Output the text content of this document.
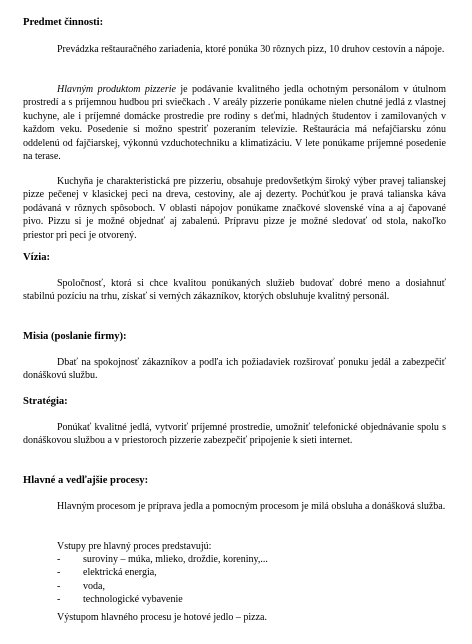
Predmet činnosti:

Prevádzka reštauračného zariadenia, ktoré ponúka 30 rôznych pizz, 10 druhov cestovín a nápoje.

Hlavným produktom pizzerie je podávanie kvalitného jedla ochotným personálom v útulnom prostredí a s príjemnou hudbou pri sviečkach . V areály pizzerie ponúkame nielen chutné jedlá z vlastnej kuchyne, ale i príjemné domácke prostredie pre rodiny s deťmi, hladných študentov i zamilovaných v každom veku. Posedenie si možno spestriť pozeraním televízie. Reštaurácia má nefajčiarsku zónu oddelenú od fajčiarskej, výkonnú vzduchotechniku a klimatizáciu. V lete ponúkame príjemné posedenie na terase.

Kuchyňa je charakteristická pre pizzeriu, obsahuje predovšetkým široký výber pravej talianskej pizze pečenej v klasickej peci na dreva, cestoviny, ale aj dezerty. Pochúťkou je pravá talianska káva podávaná v rôznych spôsoboch. V oblasti nápojov ponúkame značkové slovenské vína a aj čapované pivo. Pizzu si je možné objednať aj zabalenú. Prípravu pizze je možné sledovať od stola, nakoľko priestor pri peci je otvorený.

Vízia:

Spoločnosť, ktorá si chce kvalitou ponúkaných služieb budovať dobré meno a dosiahnuť stabilnú pozíciu na trhu, získať si verných zákazníkov, ktorých obsluhuje kvalitný personál.

Misia (poslanie firmy):

Dbať na spokojnosť zákazníkov a podľa ich požiadaviek rozširovať ponuku jedál a zabezpečiť donáškovú službu.

Stratégia:

Ponúkať kvalitné jedlá, vytvoriť príjemné prostredie, umožniť telefonické objednávanie spolu s donáškovou službou a v priestoroch pizzerie zabezpečiť pripojenie k sieti internet.

Hlavné a vedľajšie procesy:

Hlavným procesom je príprava jedla a pomocným procesom je milá obsluha a donášková služba.

Vstupy pre hlavný proces predstavujú:

- suroviny – múka, mlieko, droždie, koreniny,...
- elektrická energia,
- voda,
- technologické vybavenie

Výstupom hlavného procesu je hotové jedlo – pizza.
